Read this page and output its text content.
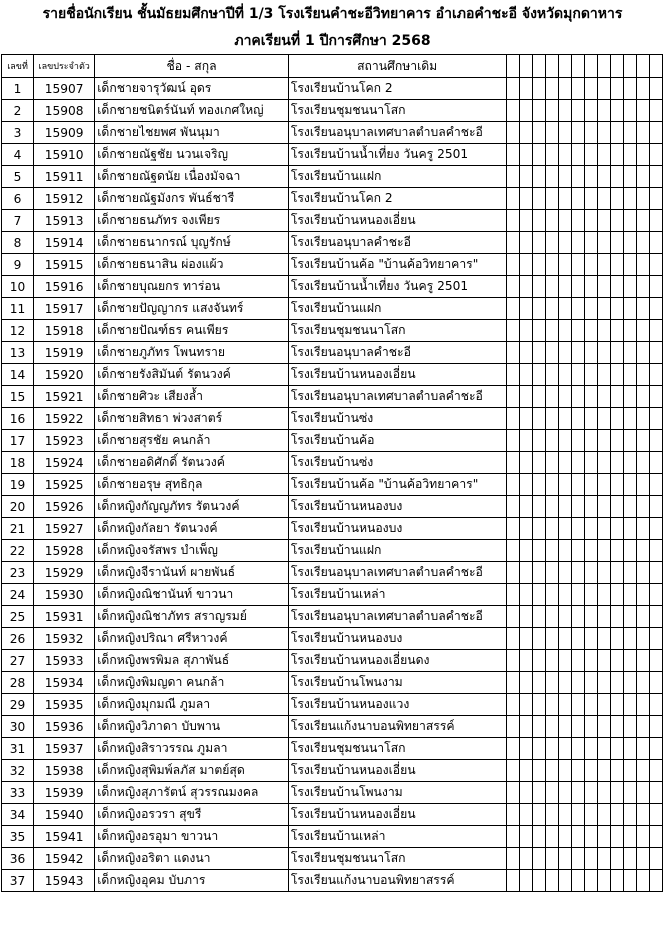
รายชื่อนักเรียน ชั้นมัธยมศึกษาปีที่ 1/3 โรงเรียนคำชะอีวิทยาคาร อำเภอคำชะอี จังหวัดมุกดาหาร
ภาคเรียนที่ 1 ปีการศึกษา 2568
เลขที่	เลขประจำตัว	ชื่อ - สกุล	สถานศึกษาเดิม												
1	15907	เด็กชายจารุวัฒน์ อุดร	โรงเรียนบ้านโคก 2												
2	15908	เด็กชายชนิตร์นันท์ ทองเกศใหญ่	โรงเรียนชุมชนนาโสก												
3	15909	เด็กชายไชยพศ พันนุมา	โรงเรียนอนุบาลเทศบาลตำบลคำชะอี												
4	15910	เด็กชายณัฐชัย นวนเจริญ	โรงเรียนบ้านน้ำเที่ยง วันครู 2501												
5	15911	เด็กชายณัฐดนัย เนื่องมัจฉา	โรงเรียนบ้านแฝก												
6	15912	เด็กชายณัฐมังกร พันธ์ชารี	โรงเรียนบ้านโคก 2												
7	15913	เด็กชายธนภัทร จงเพียร	โรงเรียนบ้านหนองเอี่ยน												
8	15914	เด็กชายธนากรณ์ บุญรักษ์	โรงเรียนอนุบาลคำชะอี												
9	15915	เด็กชายธนาสิน ผ่องแผ้ว	โรงเรียนบ้านค้อ "บ้านค้อวิทยาคาร"												
10	15916	เด็กชายบุณยกร ทาร่อน	โรงเรียนบ้านน้ำเที่ยง วันครู 2501												
11	15917	เด็กชายปัญญากร แสงจันทร์	โรงเรียนบ้านแฝก												
12	15918	เด็กชายปัณฑ์ธร คนเพียร	โรงเรียนชุมชนนาโสก												
13	15919	เด็กชายภูภัทร โพนทราย	โรงเรียนอนุบาลคำชะอี												
14	15920	เด็กชายรังสิมันต์ รัตนวงค์	โรงเรียนบ้านหนองเอี่ยน												
15	15921	เด็กชายศิวะ เสียงล้ำ	โรงเรียนอนุบาลเทศบาลตำบลคำชะอี												
16	15922	เด็กชายสิทธา พ่วงสาตร์	โรงเรียนบ้านซ่ง												
17	15923	เด็กชายสุรชัย คนกล้า	โรงเรียนบ้านค้อ												
18	15924	เด็กชายอดิศักดิ์ รัตนวงค์	โรงเรียนบ้านซ่ง												
19	15925	เด็กชายอรุษ สุทธิกุล	โรงเรียนบ้านค้อ "บ้านค้อวิทยาคาร"												
20	15926	เด็กหญิงกัญญภัทร รัตนวงค์	โรงเรียนบ้านหนองบง												
21	15927	เด็กหญิงกัลยา รัตนวงค์	โรงเรียนบ้านหนองบง												
22	15928	เด็กหญิงจรัสพร บำเพ็ญ	โรงเรียนบ้านแฝก												
23	15929	เด็กหญิงจีรานันท์ ผายพันธ์	โรงเรียนอนุบาลเทศบาลตำบลคำชะอี												
24	15930	เด็กหญิงณิชานันท์ ขาวนา	โรงเรียนบ้านเหล่า												
25	15931	เด็กหญิงณิชาภัทร สราญรมย์	โรงเรียนอนุบาลเทศบาลตำบลคำชะอี												
26	15932	เด็กหญิงปริณา ศรีหาวงค์	โรงเรียนบ้านหนองบง												
27	15933	เด็กหญิงพรพิมล สุภาพันธ์	โรงเรียนบ้านหนองเอี่ยนดง												
28	15934	เด็กหญิงพิมญดา คนกล้า	โรงเรียนบ้านโพนงาม												
29	15935	เด็กหญิงมุกมณี ภูมลา	โรงเรียนบ้านหนองแวง												
30	15936	เด็กหญิงวิภาดา บับพาน	โรงเรียนแก้งนาบอนพิทยาสรรค์												
31	15937	เด็กหญิงสิราวรรณ ภูมลา	โรงเรียนชุมชนนาโสก												
32	15938	เด็กหญิงสุพิมพ์ลภัส มาตย์สุด	โรงเรียนบ้านหนองเอี่ยน												
33	15939	เด็กหญิงสุภารัตน์ สุวรรณมงคล	โรงเรียนบ้านโพนงาม												
34	15940	เด็กหญิงอรวรา สุขรี	โรงเรียนบ้านหนองเอี่ยน												
35	15941	เด็กหญิงอรอุมา ขาวนา	โรงเรียนบ้านเหล่า												
36	15942	เด็กหญิงอริตา แดงนา	โรงเรียนชุมชนนาโสก												
37	15943	เด็กหญิงอุคม บับภาร	โรงเรียนแก้งนาบอนพิทยาสรรค์												
